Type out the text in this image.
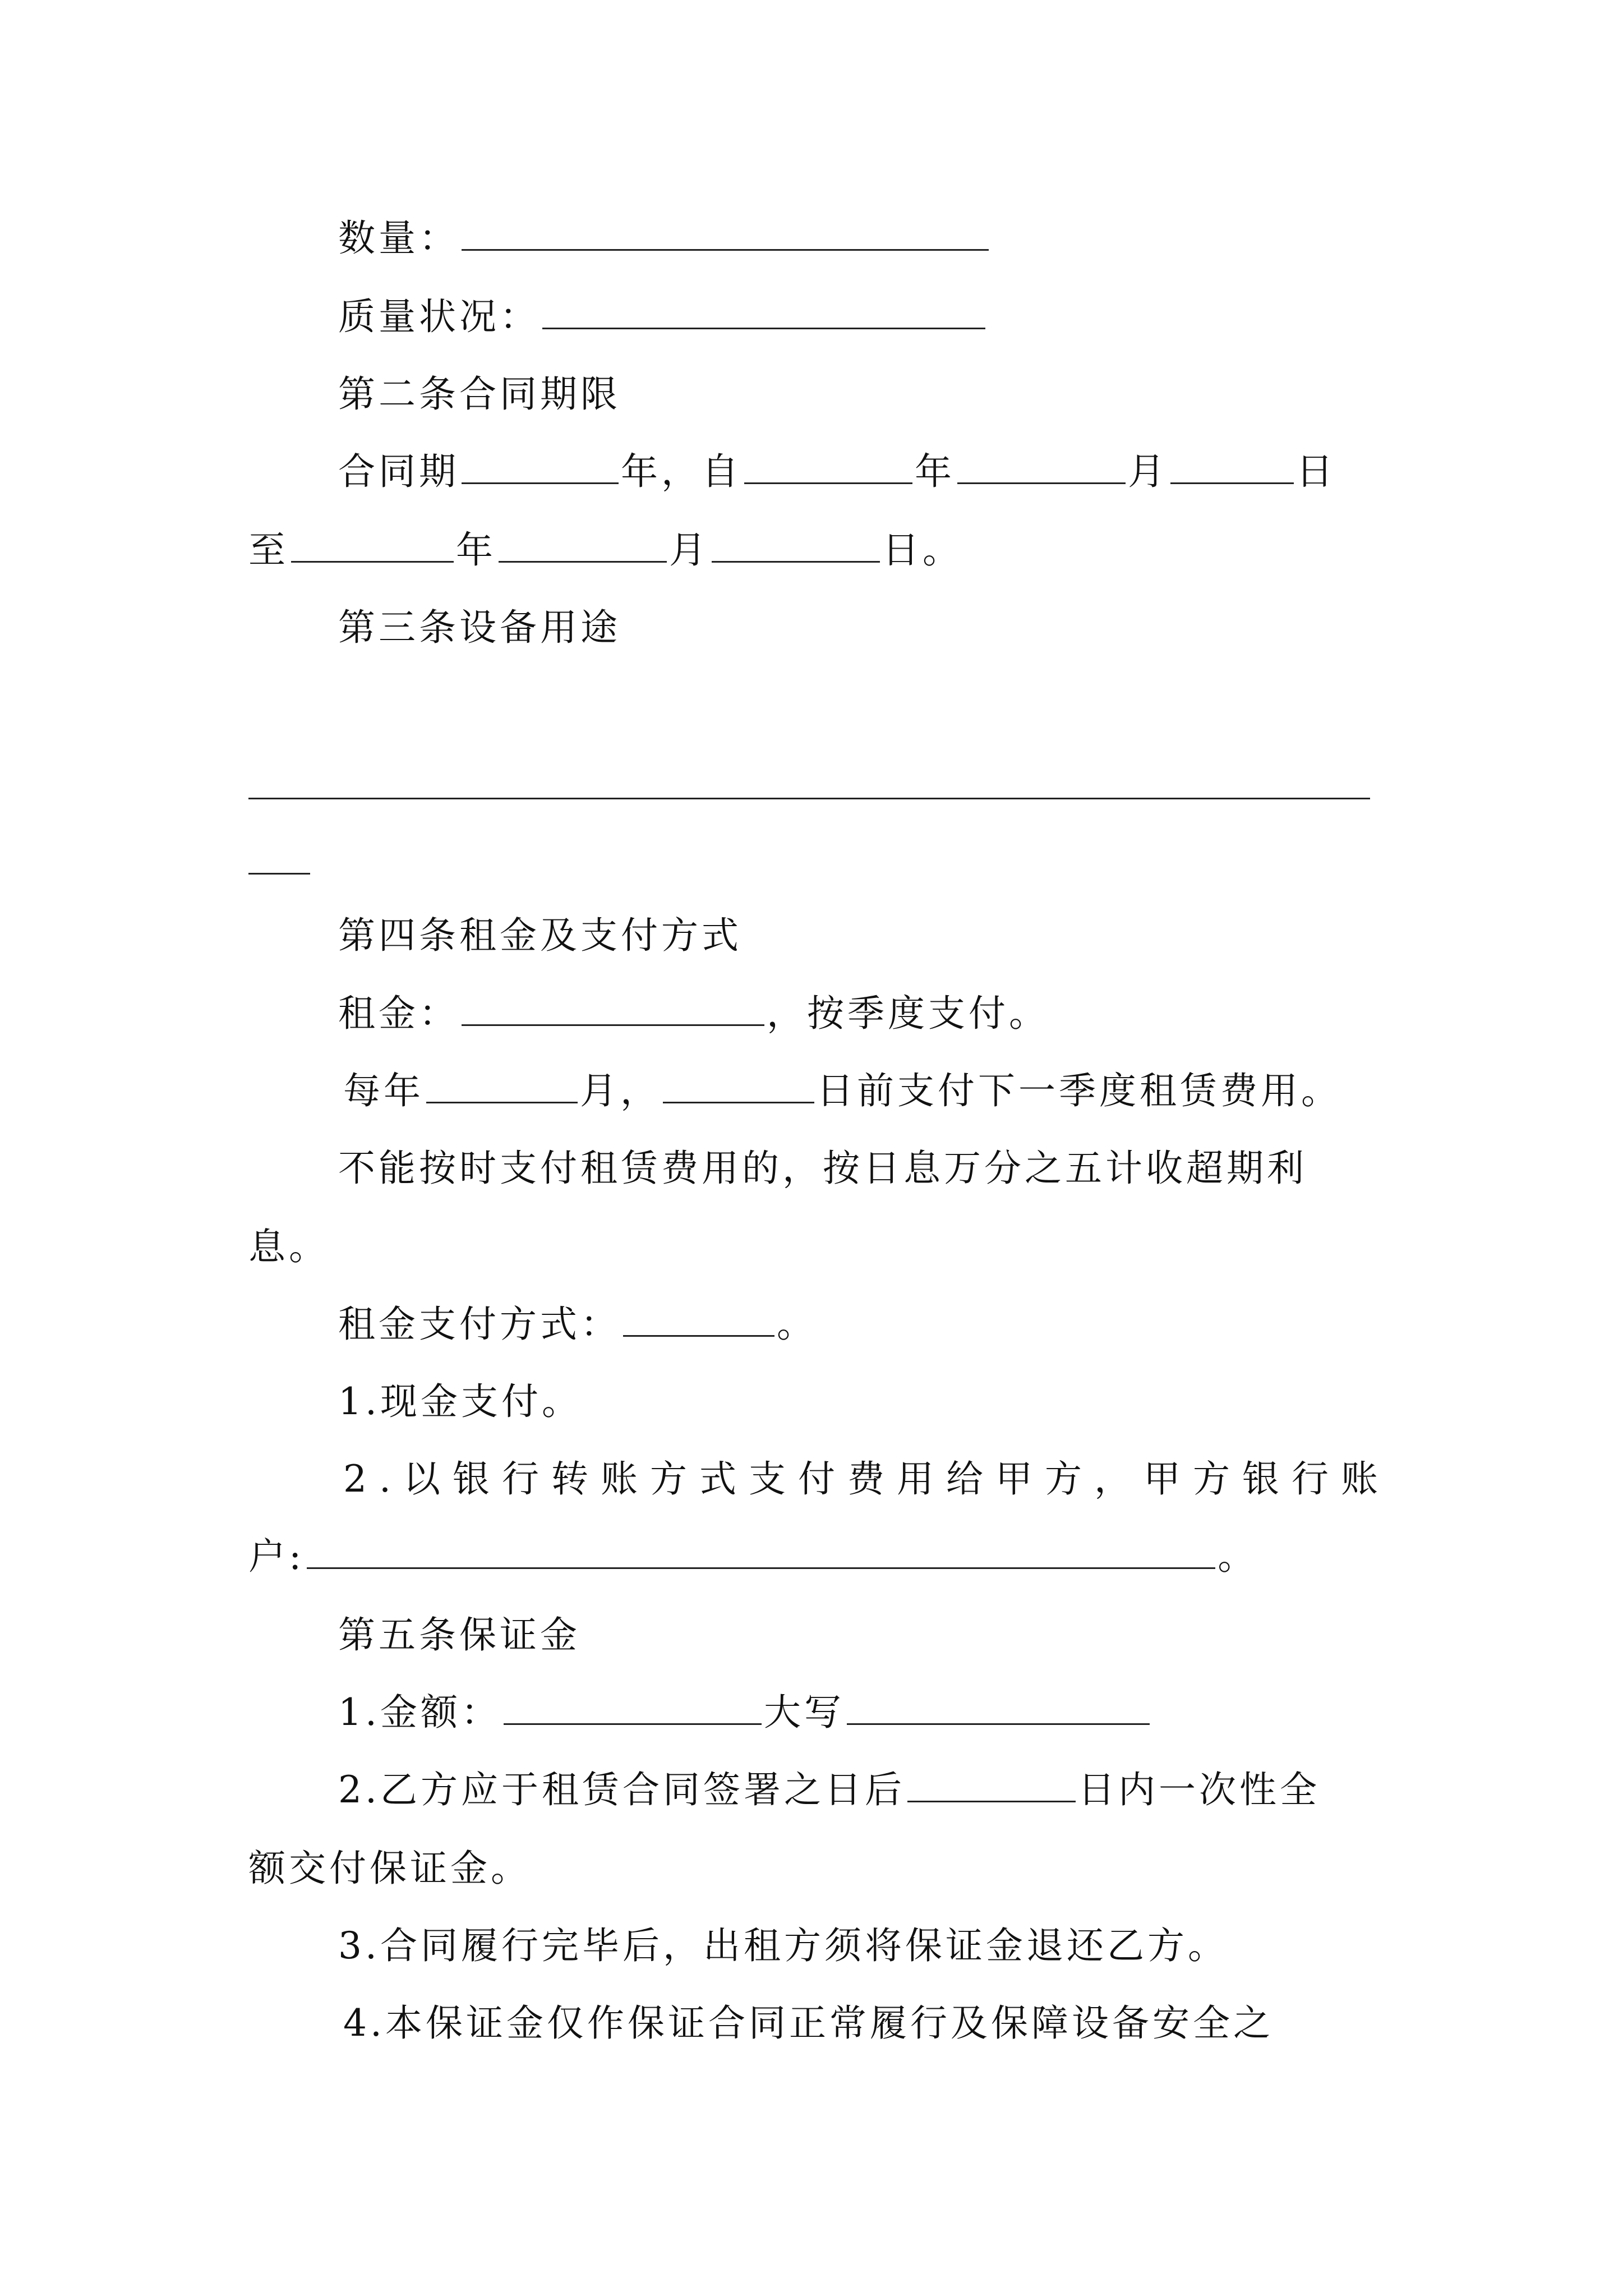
数量：
质量状况：
第二条合同期限
合同期	年，自	年	月	日
至	年	月	日。
第三条设备用途
第四条租金及支付方式
租金：	，按季度支付。
每年	月，	日前支付下一季度租赁费用。
不能按时支付租赁费用的，按日息万分之五计收超期利
息。
租金支付方式：	。
1.现金支付。
2.以银行转账方式支付费用给甲方，甲方银行账
户:	。
第五条保证金
1.金额：	大写
2.乙方应于租赁合同签署之日后	日内一次性全
额交付保证金。
3.合同履行完毕后，出租方须将保证金退还乙方。
4.本保证金仅作保证合同正常履行及保障设备安全之
